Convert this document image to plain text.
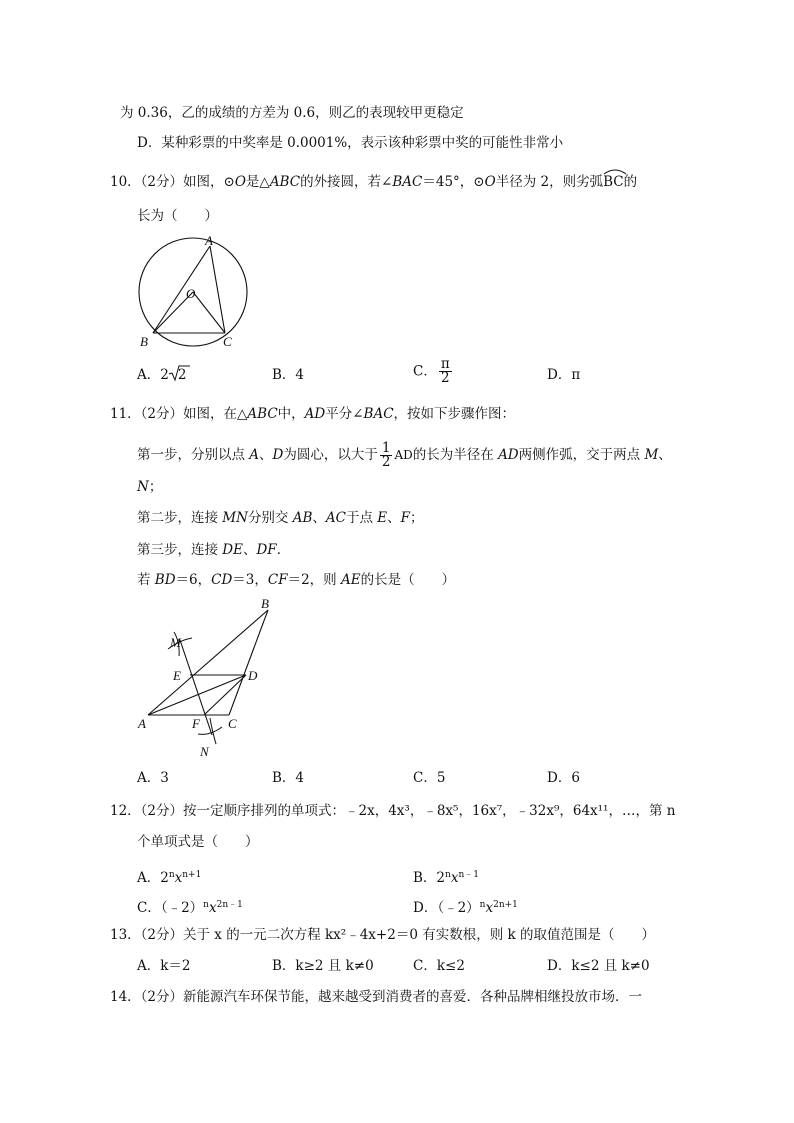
为 0.36，乙的成绩的方差为 0.6，则乙的表现较甲更稳定
D．某种彩票的中奖率是 0.0001%，表示该种彩票中奖的可能性非常小
10．（2分）如图，⊙O是△ABC的外接圆，若∠BAC＝45°，⊙O半径为 2，则劣弧
BC的
长为（　　）
A
O
B	C
A．2 2	B．4	C． $\frac{\pi}{2}$	D．π
11．（2分）如图，在△ABC中，AD平分∠BAC，按如下步骤作图：
第一步，分别以点 A、D为圆心，以大于 $\frac{1}{2}$ AD的长为半径在 AD两侧作弧，交于两点 M、
N；
第二步，连接 MN分别交 AB、AC于点 E、F；
第三步，连接 DE、DF．
若 BD＝6，CD＝3，CF＝2，则 AE的长是（　　）
B
M
E	D
A	F C
N
A．3	B．4	C．5	D．6
12．（2分）按一定顺序排列的单项式：﹣2x，4x³，﹣8x⁵，16x⁷，﹣32x⁹，64x¹¹，…，第 n
个单项式是（　　）
A．$2^nx^{n+1}$	B．$2^nx^{n﹣1}$
C．$(﹣2)^nx^{2n﹣1}$	D．$(﹣2)^nx^{2n+1}$
13．（2分）关于 x 的一元二次方程 kx²﹣4x+2＝0 有实数根，则 k 的取值范围是（　　）
A．k＝2	B．k≥2 且 k≠0	C．k≤2	D．k≤2 且 k≠0
14．（2分）新能源汽车环保节能，越来越受到消费者的喜爱．各种品牌相继投放市场．一
